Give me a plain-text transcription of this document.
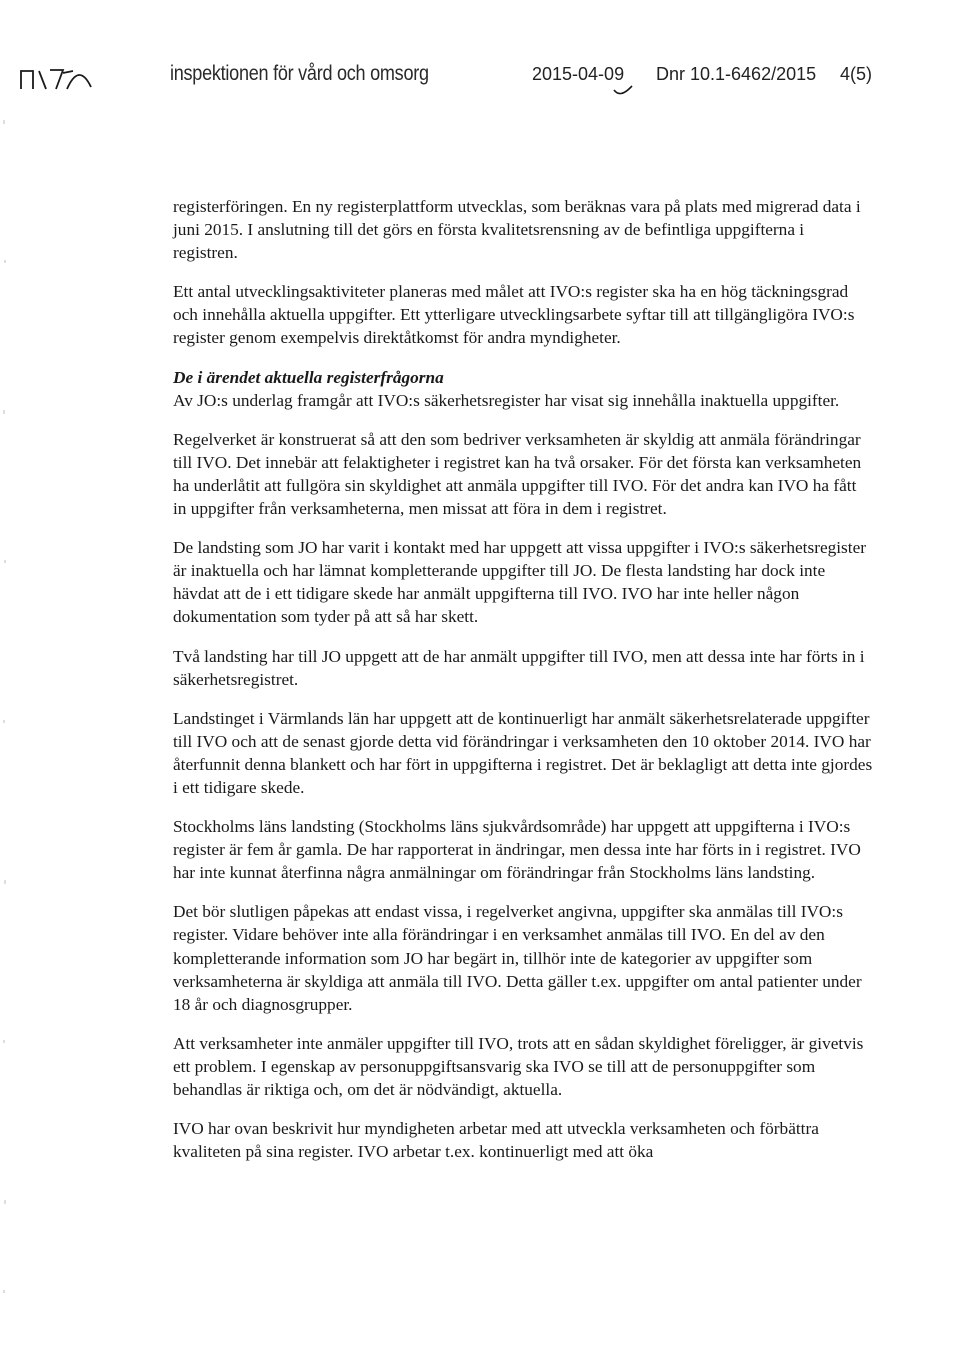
inspektionen för vård och omsorg	2015-04-09 Dnr 10.1-6462/2015 4(5)

registerföringen. En ny registerplattform utvecklas, som beräknas vara på plats med migrerad data i juni 2015. I anslutning till det görs en första kvalitetsrensning av de befintliga uppgifterna i registren.

Ett antal utvecklingsaktiviteter planeras med målet att IVO:s register ska ha en hög täckningsgrad och innehålla aktuella uppgifter. Ett ytterligare utvecklingsarbete syftar till att tillgängligöra IVO:s register genom exempelvis direktåtkomst för andra myndigheter.

De i ärendet aktuella registerfrågorna

Av JO:s underlag framgår att IVO:s säkerhetsregister har visat sig innehålla inaktuella uppgifter.

Regelverket är konstruerat så att den som bedriver verksamheten är skyldig att anmäla förändringar till IVO. Det innebär att felaktigheter i registret kan ha två orsaker. För det första kan verksamheten ha underlåtit att fullgöra sin skyldighet att anmäla uppgifter till IVO. För det andra kan IVO ha fått in uppgifter från verksamheterna, men missat att föra in dem i registret.

De landsting som JO har varit i kontakt med har uppgett att vissa uppgifter i IVO:s säkerhetsregister är inaktuella och har lämnat kompletterande uppgifter till JO. De flesta landsting har dock inte hävdat att de i ett tidigare skede har anmält uppgifterna till IVO. IVO har inte heller någon dokumentation som tyder på att så har skett.

Två landsting har till JO uppgett att de har anmält uppgifter till IVO, men att dessa inte har förts in i säkerhetsregistret.

Landstinget i Värmlands län har uppgett att de kontinuerligt har anmält säkerhetsrelaterade uppgifter till IVO och att de senast gjorde detta vid förändringar i verksamheten den 10 oktober 2014. IVO har återfunnit denna blankett och har fört in uppgifterna i registret. Det är beklagligt att detta inte gjordes i ett tidigare skede.

Stockholms läns landsting (Stockholms läns sjukvårdsområde) har uppgett att uppgifterna i IVO:s register är fem år gamla. De har rapporterat in ändringar, men dessa inte har förts in i registret. IVO har inte kunnat återfinna några anmälningar om förändringar från Stockholms läns landsting.

Det bör slutligen påpekas att endast vissa, i regelverket angivna, uppgifter ska anmälas till IVO:s register. Vidare behöver inte alla förändringar i en verksamhet anmälas till IVO. En del av den kompletterande information som JO har begärt in, tillhör inte de kategorier av uppgifter som verksamheterna är skyldiga att anmäla till IVO. Detta gäller t.ex. uppgifter om antal patienter under 18 år och diagnosgrupper.

Att verksamheter inte anmäler uppgifter till IVO, trots att en sådan skyldighet föreligger, är givetvis ett problem. I egenskap av personuppgiftsansvarig ska IVO se till att de personuppgifter som behandlas är riktiga och, om det är nödvändigt, aktuella.

IVO har ovan beskrivit hur myndigheten arbetar med att utveckla verksamheten och förbättra kvaliteten på sina register. IVO arbetar t.ex. kontinuerligt med att öka
